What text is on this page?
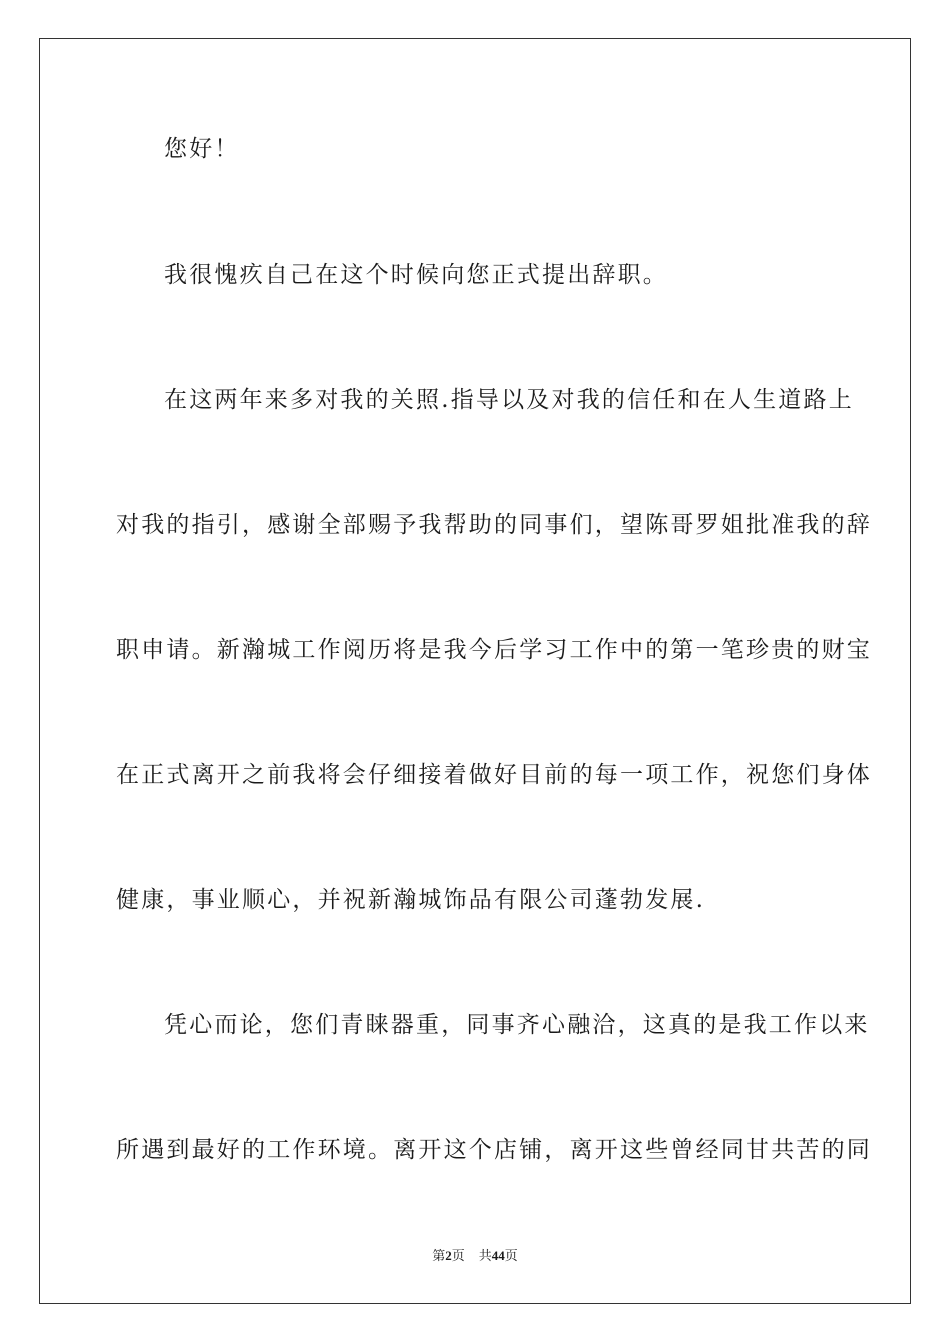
您好！
我很愧疚自己在这个时候向您正式提出辞职。
在这两年来多对我的关照.指导以及对我的信任和在人生道路上
对我的指引，感谢全部赐予我帮助的同事们，望陈哥罗姐批准我的辞
职申请。新瀚城工作阅历将是我今后学习工作中的第一笔珍贵的财宝
在正式离开之前我将会仔细接着做好目前的每一项工作，祝您们身体
健康，事业顺心，并祝新瀚城饰品有限公司蓬勃发展.
凭心而论，您们青睐器重，同事齐心融洽，这真的是我工作以来
所遇到最好的工作环境。离开这个店铺，离开这些曾经同甘共苦的同
第2页 共44页
